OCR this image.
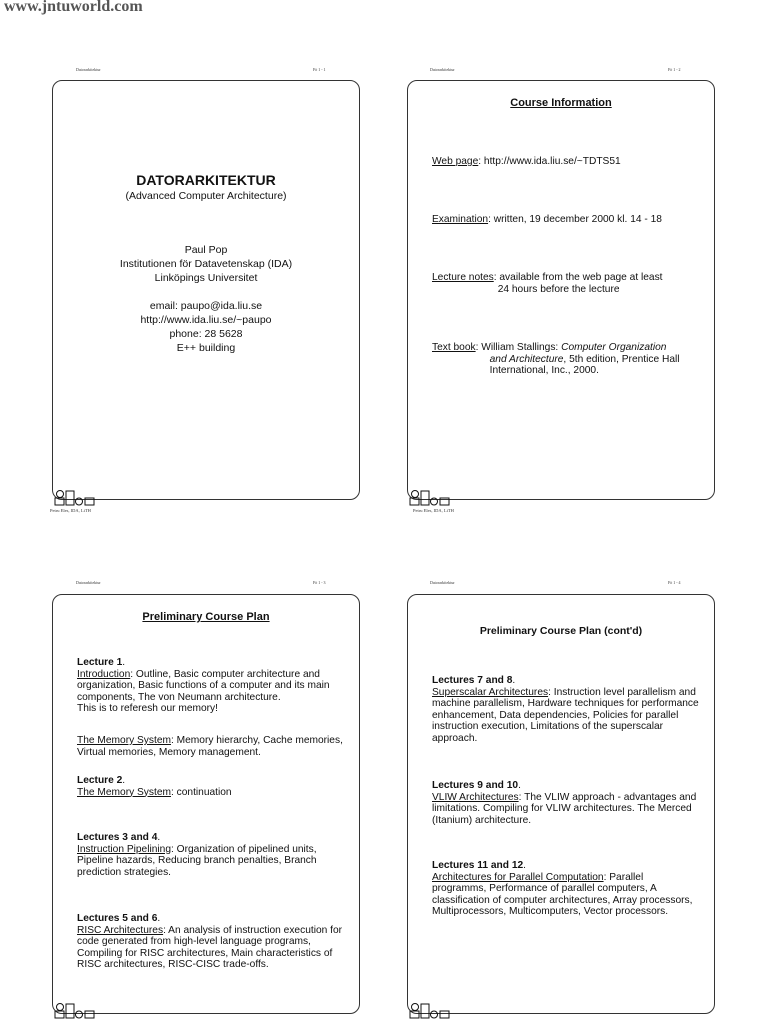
www.jntuworld.com
Datorarkitektur	Fö 1 - 1
DATORARKITEKTUR
(Advanced Computer Architecture)
Paul Pop
Institutionen för Datavetenskap (IDA)
Linköpings Universitet
email: paupo@ida.liu.se
http://www.ida.liu.se/~paupo
phone: 28 5628
E++ building
Petru Eles, IDA, LiTH
Datorarkitektur	Fö 1 - 2
Course Information
Web page: http://www.ida.liu.se/~TDTS51
Examination: written, 19 december 2000 kl. 14 - 18
Lecture notes : available from the web page at least
24 hours before the lecture
Text book : William Stallings: Computer Organization
and Architecture, 5th edition, Prentice Hall
International, Inc., 2000.
Petru Eles, IDA, LiTH
Datorarkitektur	Fö 1 - 3
Preliminary Course Plan

Lecture 1.

Introduction: Outline, Basic computer architecture and organization, Basic functions of a computer and its main components, The von Neumann architecture.

This is to referesh our memory!

The Memory System: Memory hierarchy, Cache memories, Virtual memories, Memory management.

Lecture 2.

The Memory System: continuation

Lectures 3 and 4.

Instruction Pipelining: Organization of pipelined units, Pipeline hazards, Reducing branch penalties, Branch prediction strategies.

Lectures 5 and 6.

RISC Architectures: An analysis of instruction execution for code generated from high-level language programs, Compiling for RISC architectures, Main characteristics of RISC architectures, RISC-CISC trade-offs.

Datorarkitektur	Fö 1 - 4
Preliminary Course Plan (cont'd)

Lectures 7 and 8.

Superscalar Architectures: Instruction level parallelism and machine parallelism, Hardware techniques for performance enhancement, Data dependencies, Policies for parallel instruction execution, Limitations of the superscalar approach.

Lectures 9 and 10.

VLIW Architectures: The VLIW approach - advantages and limitations. Compiling for VLIW architectures. The Merced (Itanium) architecture.

Lectures 11 and 12.

Architectures for Parallel Computation: Parallel programms, Performance of parallel computers, A classification of computer architectures, Array processors, Multiprocessors, Multicomputers, Vector processors.
